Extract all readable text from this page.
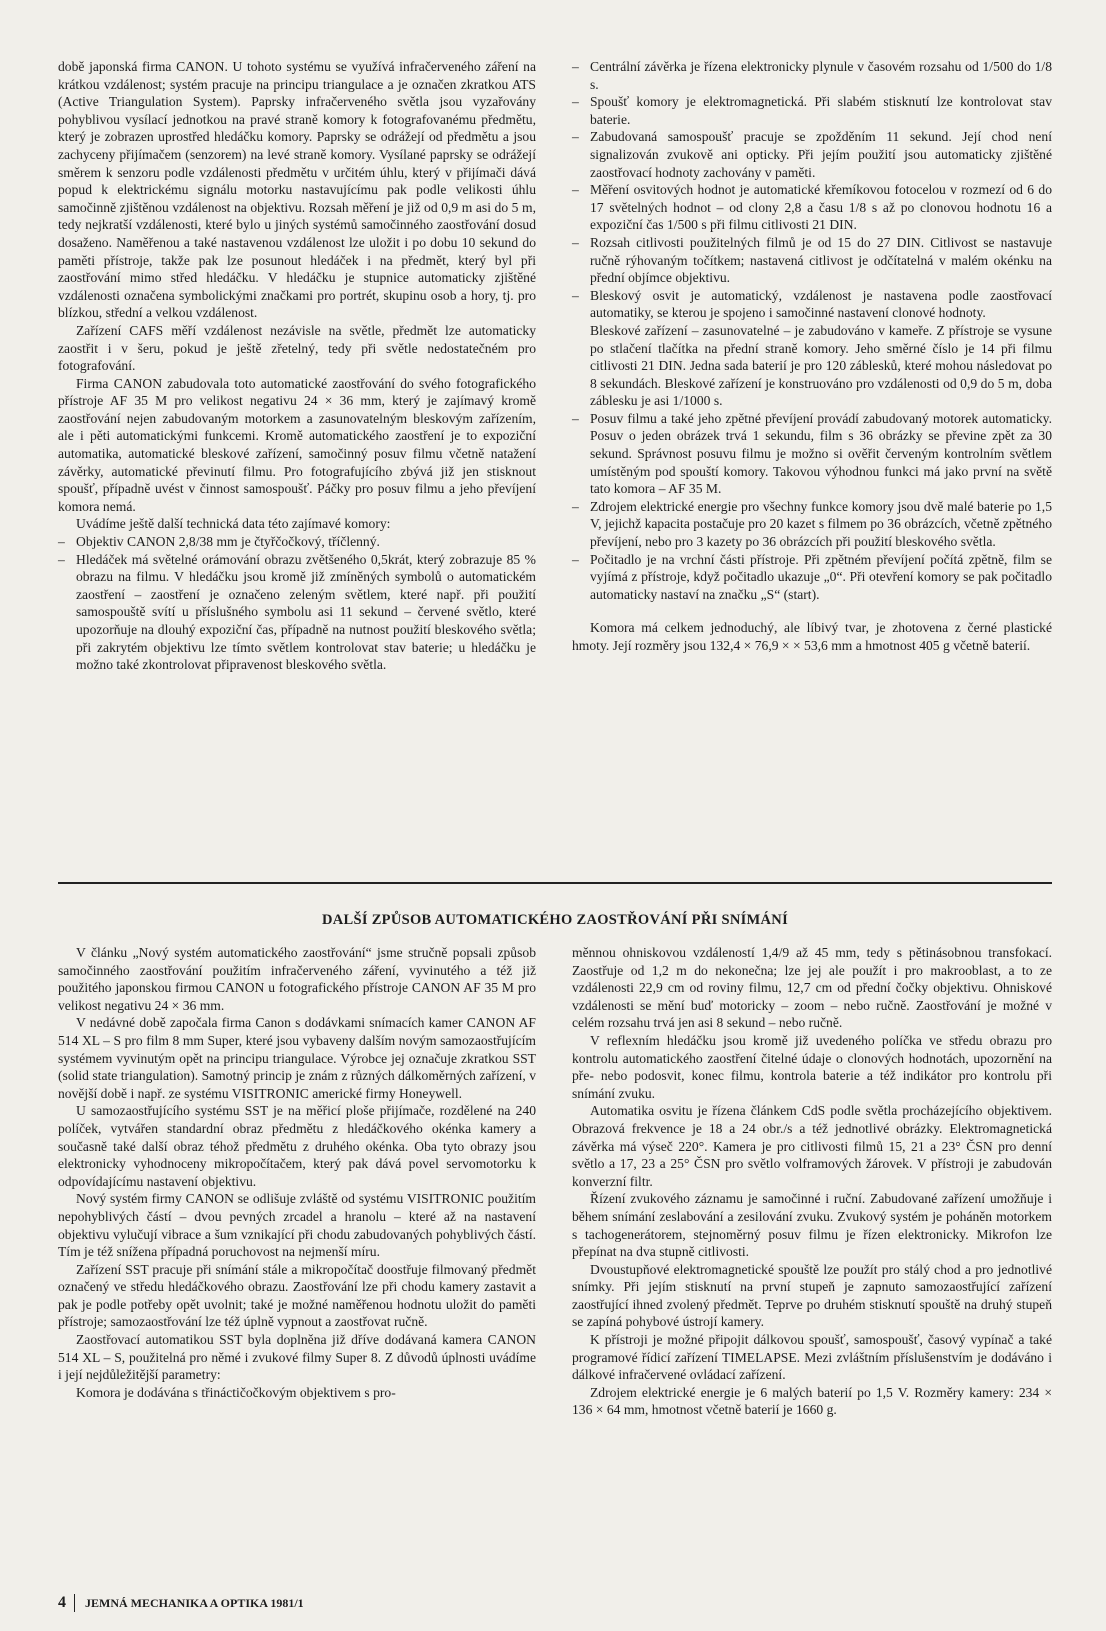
době japonská firma CANON. U tohoto systému se využívá infračerveného záření na krátkou vzdálenost; systém pracuje na principu triangulace a je označen zkratkou ATS (Active Triangulation System). Paprsky infračerveného světla jsou vyzařovány pohyblivou vysílací jednotkou na pravé straně komory k fotografovanému předmětu, který je zobrazen uprostřed hledáčku komory. Paprsky se odrážejí od předmětu a jsou zachyceny přijímačem (senzorem) na levé straně komory. Vysílané paprsky se odrážejí směrem k senzoru podle vzdálenosti předmětu v určitém úhlu, který v přijímači dává popud k elektrickému signálu motorku nastavujícímu pak podle velikosti úhlu samočinně zjištěnou vzdálenost na objektivu. Rozsah měření je již od 0,9 m asi do 5 m, tedy nejkratší vzdálenosti, které bylo u jiných systémů samočinného zaostřování dosud dosaženo. Naměřenou a také nastavenou vzdálenost lze uložit i po dobu 10 sekund do paměti přístroje, takže pak lze posunout hledáček i na předmět, který byl při zaostřování mimo střed hledáčku. V hledáčku je stupnice automaticky zjištěné vzdálenosti označena symbolickými značkami pro portrét, skupinu osob a hory, tj. pro blízkou, střední a velkou vzdálenost.

Zařízení CAFS měří vzdálenost nezávisle na světle, předmět lze automaticky zaostřit i v šeru, pokud je ještě zřetelný, tedy při světle nedostatečném pro fotografování.

Firma CANON zabudovala toto automatické zaostřování do svého fotografického přístroje AF 35 M pro velikost negativu 24 × 36 mm, který je zajímavý kromě zaostřování nejen zabudovaným motorkem a zasunovatelným bleskovým zařízením, ale i pěti automatickými funkcemi. Kromě automatického zaostření je to expoziční automatika, automatické bleskové zařízení, samočinný posuv filmu včetně natažení závěrky, automatické převinutí filmu. Pro fotografujícího zbývá již jen stisknout spoušť, případně uvést v činnost samospoušť. Páčky pro posuv filmu a jeho převíjení komora nemá.

Uvádíme ještě další technická data této zajímavé komory:

– Objektiv CANON 2,8/38 mm je čtyřčočkový, tříčlenný.
– Hledáček má světelné orámování obrazu zvětšeného 0,5krát, který zobrazuje 85 % obrazu na filmu. V hledáčku jsou kromě již zmíněných symbolů o automatickém zaostření – zaostření je označeno zeleným světlem, které např. při použití samospouště svítí u příslušného symbolu asi 11 sekund – červené světlo, které upozorňuje na dlouhý expoziční čas, případně na nutnost použití bleskového světla; při zakrytém objektivu lze tímto světlem kontrolovat stav baterie; u hledáčku je možno také zkontrolovat připravenost bleskového světla.
– Centrální závěrka je řízena elektronicky plynule v časovém rozsahu od 1/500 do 1/8 s.
– Spoušť komory je elektromagnetická. Při slabém stisknutí lze kontrolovat stav baterie.
– Zabudovaná samospoušť pracuje se zpožděním 11 sekund. Její chod není signalizován zvukově ani opticky. Při jejím použití jsou automaticky zjištěné zaostřovací hodnoty zachovány v paměti.
– Měření osvitových hodnot je automatické křemíkovou fotocelou v rozmezí od 6 do 17 světelných hodnot – od clony 2,8 a času 1/8 s až po clonovou hodnotu 16 a expoziční čas 1/500 s při filmu citlivosti 21 DIN.
– Rozsah citlivosti použitelných filmů je od 15 do 27 DIN. Citlivost se nastavuje ručně rýhovaným točítkem; nastavená citlivost je odčítatelná v malém okénku na přední objímce objektivu.
– Bleskový osvit je automatický, vzdálenost je nastavena podle zaostřovací automatiky, se kterou je spojeno i samočinné nastavení clonové hodnoty.

Bleskové zařízení – zasunovatelné – je zabudováno v kameře. Z přístroje se vysune po stlačení tlačítka na přední straně komory. Jeho směrné číslo je 14 při filmu citlivosti 21 DIN. Jedna sada baterií je pro 120 záblesků, které mohou následovat po 8 sekundách. Bleskové zařízení je konstruováno pro vzdálenosti od 0,9 do 5 m, doba záblesku je asi 1/1000 s.

– Posuv filmu a také jeho zpětné převíjení provádí zabudovaný motorek automaticky. Posuv o jeden obrázek trvá 1 sekundu, film s 36 obrázky se převine zpět za 30 sekund. Správnost posuvu filmu je možno si ověřit červeným kontrolním světlem umístěným pod spouští komory. Takovou výhodnou funkci má jako první na světě tato komora – AF 35 M.
– Zdrojem elektrické energie pro všechny funkce komory jsou dvě malé baterie po 1,5 V, jejichž kapacita postačuje pro 20 kazet s filmem po 36 obrázcích, včetně zpětného převíjení, nebo pro 3 kazety po 36 obrázcích při použití bleskového světla.
– Počitadlo je na vrchní části přístroje. Při zpětném převíjení počítá zpětně, film se vyjímá z přístroje, když počitadlo ukazuje „0“. Při otevření komory se pak počitadlo automaticky nastaví na značku „S“ (start).

Komora má celkem jednoduchý, ale líbivý tvar, je zhotovena z černé plastické hmoty. Její rozměry jsou 132,4 × 76,9 × × 53,6 mm a hmotnost 405 g včetně baterií.

DALŠÍ ZPŮSOB AUTOMATICKÉHO ZAOSTŘOVÁNÍ PŘI SNÍMÁNÍ

V článku „Nový systém automatického zaostřování“ jsme stručně popsali způsob samočinného zaostřování použitím infračerveného záření, vyvinutého a též již použitého japonskou firmou CANON u fotografického přístroje CANON AF 35 M pro velikost negativu 24 × 36 mm.

V nedávné době započala firma Canon s dodávkami snímacích kamer CANON AF 514 XL – S pro film 8 mm Super, které jsou vybaveny dalším novým samozaostřujícím systémem vyvinutým opět na principu triangulace. Výrobce jej označuje zkratkou SST (solid state triangulation). Samotný princip je znám z různých dálkoměrných zařízení, v novější době i např. ze systému VISITRONIC americké firmy Honeywell.

U samozaostřujícího systému SST je na měřicí ploše přijímače, rozdělené na 240 políček, vytvářen standardní obraz předmětu z hledáčkového okénka kamery a současně také další obraz téhož předmětu z druhého okénka. Oba tyto obrazy jsou elektronicky vyhodnoceny mikropočítačem, který pak dává povel servomotorku k odpovídajícímu nastavení objektivu.

Nový systém firmy CANON se odlišuje zvláště od systému VISITRONIC použitím nepohyblivých částí – dvou pevných zrcadel a hranolu – které až na nastavení objektivu vylučují vibrace a šum vznikající při chodu zabudovaných pohyblivých částí. Tím je též snížena případná poruchovost na nejmenší míru.

Zařízení SST pracuje při snímání stále a mikropočítač doostřuje filmovaný předmět označený ve středu hledáčkového obrazu. Zaostřování lze při chodu kamery zastavit a pak je podle potřeby opět uvolnit; také je možné naměřenou hodnotu uložit do paměti přístroje; samozaostřování lze též úplně vypnout a zaostřovat ručně.

Zaostřovací automatikou SST byla doplněna již dříve dodávaná kamera CANON 514 XL – S, použitelná pro němé i zvukové filmy Super 8. Z důvodů úplnosti uvádíme i její nejdůležitější parametry:

Komora je dodávána s třináctičočkovým objektivem s pro-

měnnou ohniskovou vzdáleností 1,4/9 až 45 mm, tedy s pětinásobnou transfokací. Zaostřuje od 1,2 m do nekonečna; lze jej ale použít i pro makrooblast, a to ze vzdálenosti 22,9 cm od roviny filmu, 12,7 cm od přední čočky objektivu. Ohniskové vzdálenosti se mění buď motoricky – zoom – nebo ručně. Zaostřování je možné v celém rozsahu trvá jen asi 8 sekund – nebo ručně.

V reflexním hledáčku jsou kromě již uvedeného políčka ve středu obrazu pro kontrolu automatického zaostření čitelné údaje o clonových hodnotách, upozornění na pře- nebo podosvit, konec filmu, kontrola baterie a též indikátor pro kontrolu při snímání zvuku.

Automatika osvitu je řízena článkem CdS podle světla procházejícího objektivem. Obrazová frekvence je 18 a 24 obr./s a též jednotlivé obrázky. Elektromagnetická závěrka má výseč 220°. Kamera je pro citlivosti filmů 15, 21 a 23° ČSN pro denní světlo a 17, 23 a 25° ČSN pro světlo volframových žárovek. V přístroji je zabudován konverzní filtr.

Řízení zvukového záznamu je samočinné i ruční. Zabudované zařízení umožňuje i během snímání zeslabování a zesilování zvuku. Zvukový systém je poháněn motorkem s tachogenerátorem, stejnoměrný posuv filmu je řízen elektronicky. Mikrofon lze přepínat na dva stupně citlivosti.

Dvoustupňové elektromagnetické spouště lze použít pro stálý chod a pro jednotlivé snímky. Při jejím stisknutí na první stupeň je zapnuto samozaostřující zařízení zaostřující ihned zvolený předmět. Teprve po druhém stisknutí spouště na druhý stupeň se zapíná pohybové ústrojí kamery.

K přístroji je možné připojit dálkovou spoušť, samospoušť, časový vypínač a také programové řídicí zařízení TIMELAPSE. Mezi zvláštním příslušenstvím je dodáváno i dálkové infračervené ovládací zařízení.

Zdrojem elektrické energie je 6 malých baterií po 1,5 V. Rozměry kamery: 234 × 136 × 64 mm, hmotnost včetně baterií je 1660 g.

4 JEMNÁ MECHANIKA A OPTIKA 1981/1
